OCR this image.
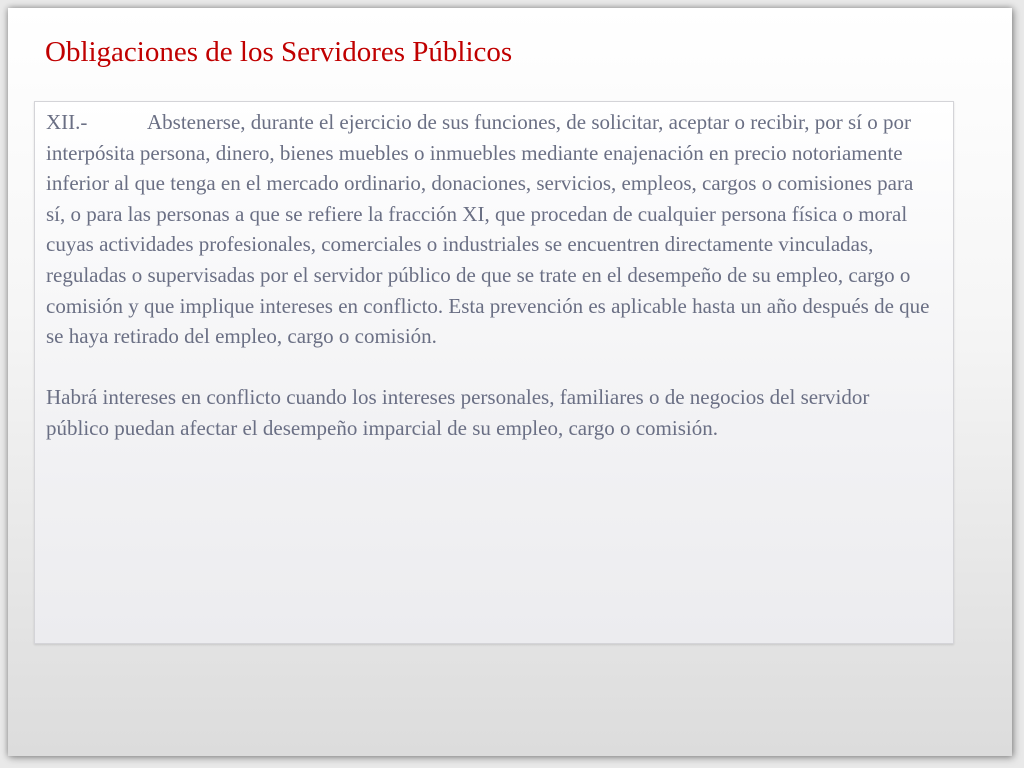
Obligaciones de los Servidores Públicos

XII.-	Abstenerse, durante el ejercicio de sus funciones, de solicitar, aceptar o recibir, por sí o por interpósita persona, dinero, bienes muebles o inmuebles mediante enajenación en precio notoriamente inferior al que tenga en el mercado ordinario, donaciones, servicios, empleos, cargos o comisiones para sí, o para las personas a que se refiere la fracción XI, que procedan de cualquier persona física o moral cuyas actividades profesionales, comerciales o industriales se encuentren directamente vinculadas, reguladas o supervisadas por el servidor público de que se trate en el desempeño de su empleo, cargo o comisión y que implique intereses en conflicto. Esta prevención es aplicable hasta un año después de que se haya retirado del empleo, cargo o comisión.

Habrá intereses en conflicto cuando los intereses personales, familiares o de negocios del servidor público puedan afectar el desempeño imparcial de su empleo, cargo o comisión.
